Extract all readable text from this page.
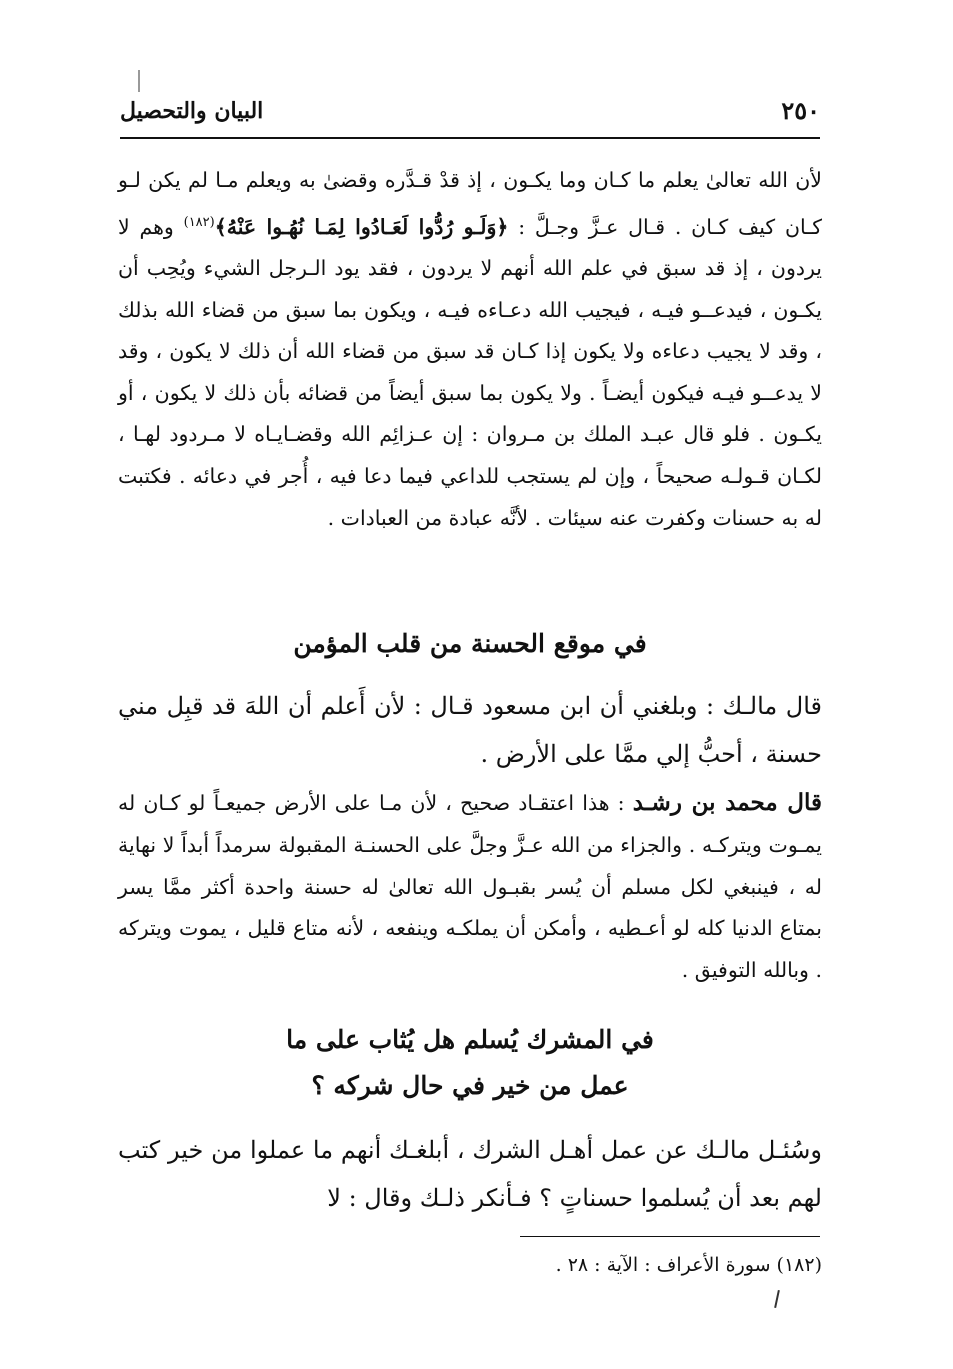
٢٥٠
البيان والتحصيل

لأن الله تعالىٰ يعلم ما كـان وما يكـون ، إذ قدْ قـدَّره وقضىٰ به ويعلم مـا لم يكن لـو كـان كيف كـان . قـال عـزَّ وجـلَّ : ﴿وَلَـو رُدُّوا لَعَـادُوا لِمَـا نُهُـوا عَنْهُ﴾$^{(١٨٢)}$ وهم لا يردون ، إذ قد سبق في علم الله أنهم لا يردون ، فقد يود الـرجل الشيء ويُحِب أن يكـون ، فيدعــو فيـه ، فيجيب الله دعـاءه فيـه ، ويكون بما سبق من قضاء الله بذلك ، وقد لا يجيب دعاءه ولا يكون إذا كـان قد سبق من قضاء الله أن ذلك لا يكون ، وقد لا يدعــو فيـه فيكون أيضـاً . ولا يكون بما سبق أيضاً من قضائه بأن ذلك لا يكون ، أو يكـون . فلو قال عبـد الملك بن مـروان : إن عـزائِم الله وقضـايـاه لا مـردود لهـا ، لكـان قـولـه صحيحاً ، وإن لم يستجب للداعي فيما دعا فيه ، أُجر في دعائه . فكتبت له به حسنات وكفرت عنه سيئات . لأنَّه عبادة من العبادات .

في موقع الحسنة من قلب المؤمن

قال مالـك : وبلغني أن ابن مسعود قـال : لأن أَعلم أن اللهَ قد قبِل مني حسنة ، أحبُّ إلي ممَّا على الأرض .

قال محمد بن رشـد : هذا اعتقـاد صحيح ، لأن مـا على الأرض جميعـاً لو كـان له يمـوت ويتركـه . والجزاء من الله عـزَّ وجلَّ على الحسنـة المقبولة سرمداً أبداً لا نهاية له ، فينبغي لكل مسلم أن يُسر بقبـول الله تعالىٰ له حسنة واحدة أكثر ممَّا يسر بمتاع الدنيا كله لو أعـطيه ، وأمكن أن يملكـه وينفعه ، لأنه متاع قليل ، يموت ويتركه . وبالله التوفيق .

في المشرك يُسلم هل يُثاب على ما
عمل من خير في حال شركه ؟

وسُئـل مالـك عن عمل أهـل الشرك ، أبلغـك أنهم ما عملوا من خير كتب لهم بعد أن يُسلموا حسناتٍ ؟ فـأنكر ذلـك وقال : لا

(١٨٢) سورة الأعراف : الآية : ٢٨ .
